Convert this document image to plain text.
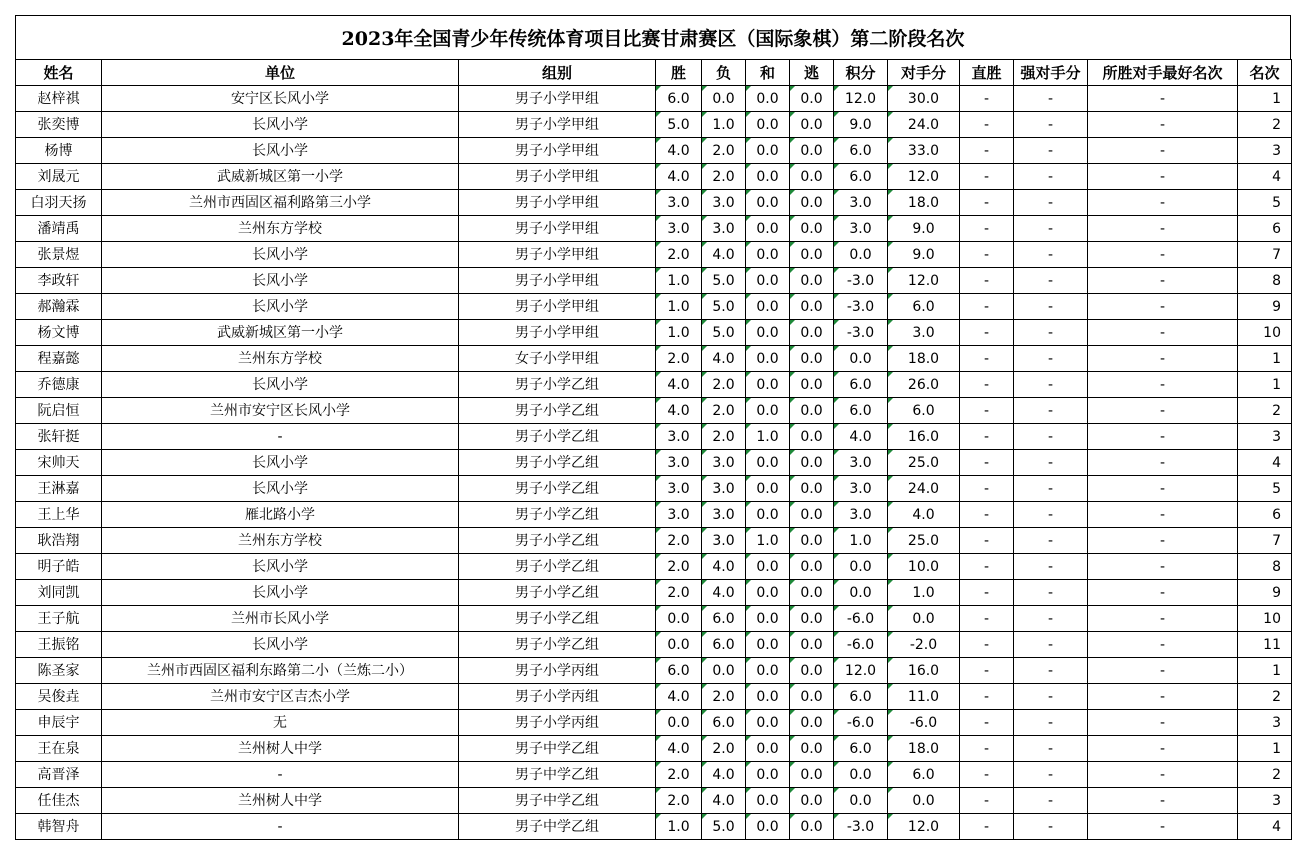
2023年全国青少年传统体育项目比赛甘肃赛区（国际象棋）第二阶段名次
姓名	单位	组别	胜	负	和	逃	积分	对手分	直胜	强对手分	所胜对手最好名次	名次
赵梓祺	安宁区长风小学	男子小学甲组	6.0	0.0	0.0	0.0	12.0	30.0	-	-	-	1
张奕博	长风小学	男子小学甲组	5.0	1.0	0.0	0.0	9.0	24.0	-	-	-	2
杨博	长风小学	男子小学甲组	4.0	2.0	0.0	0.0	6.0	33.0	-	-	-	3
刘晟元	武威新城区第一小学	男子小学甲组	4.0	2.0	0.0	0.0	6.0	12.0	-	-	-	4
白羽天扬	兰州市西固区福利路第三小学	男子小学甲组	3.0	3.0	0.0	0.0	3.0	18.0	-	-	-	5
潘靖禹	兰州东方学校	男子小学甲组	3.0	3.0	0.0	0.0	3.0	9.0	-	-	-	6
张景煜	长风小学	男子小学甲组	2.0	4.0	0.0	0.0	0.0	9.0	-	-	-	7
李政轩	长风小学	男子小学甲组	1.0	5.0	0.0	0.0	-3.0	12.0	-	-	-	8
郝瀚霖	长风小学	男子小学甲组	1.0	5.0	0.0	0.0	-3.0	6.0	-	-	-	9
杨文博	武威新城区第一小学	男子小学甲组	1.0	5.0	0.0	0.0	-3.0	3.0	-	-	-	10
程嘉懿	兰州东方学校	女子小学甲组	2.0	4.0	0.0	0.0	0.0	18.0	-	-	-	1
乔德康	长风小学	男子小学乙组	4.0	2.0	0.0	0.0	6.0	26.0	-	-	-	1
阮启恒	兰州市安宁区长风小学	男子小学乙组	4.0	2.0	0.0	0.0	6.0	6.0	-	-	-	2
张轩挺	-	男子小学乙组	3.0	2.0	1.0	0.0	4.0	16.0	-	-	-	3
宋帅天	长风小学	男子小学乙组	3.0	3.0	0.0	0.0	3.0	25.0	-	-	-	4
王淋嘉	长风小学	男子小学乙组	3.0	3.0	0.0	0.0	3.0	24.0	-	-	-	5
王上华	雁北路小学	男子小学乙组	3.0	3.0	0.0	0.0	3.0	4.0	-	-	-	6
耿浩翔	兰州东方学校	男子小学乙组	2.0	3.0	1.0	0.0	1.0	25.0	-	-	-	7
明子皓	长风小学	男子小学乙组	2.0	4.0	0.0	0.0	0.0	10.0	-	-	-	8
刘同凯	长风小学	男子小学乙组	2.0	4.0	0.0	0.0	0.0	1.0	-	-	-	9
王子航	兰州市长风小学	男子小学乙组	0.0	6.0	0.0	0.0	-6.0	0.0	-	-	-	10
王振铭	长风小学	男子小学乙组	0.0	6.0	0.0	0.0	-6.0	-2.0	-	-	-	11
陈圣家	兰州市西固区福利东路第二小（兰炼二小）	男子小学丙组	6.0	0.0	0.0	0.0	12.0	16.0	-	-	-	1
吴俊垚	兰州市安宁区吉杰小学	男子小学丙组	4.0	2.0	0.0	0.0	6.0	11.0	-	-	-	2
申辰宇	无	男子小学丙组	0.0	6.0	0.0	0.0	-6.0	-6.0	-	-	-	3
王在泉	兰州树人中学	男子中学乙组	4.0	2.0	0.0	0.0	6.0	18.0	-	-	-	1
高晋泽	-	男子中学乙组	2.0	4.0	0.0	0.0	0.0	6.0	-	-	-	2
任佳杰	兰州树人中学	男子中学乙组	2.0	4.0	0.0	0.0	0.0	0.0	-	-	-	3
韩智舟	-	男子中学乙组	1.0	5.0	0.0	0.0	-3.0	12.0	-	-	-	4
